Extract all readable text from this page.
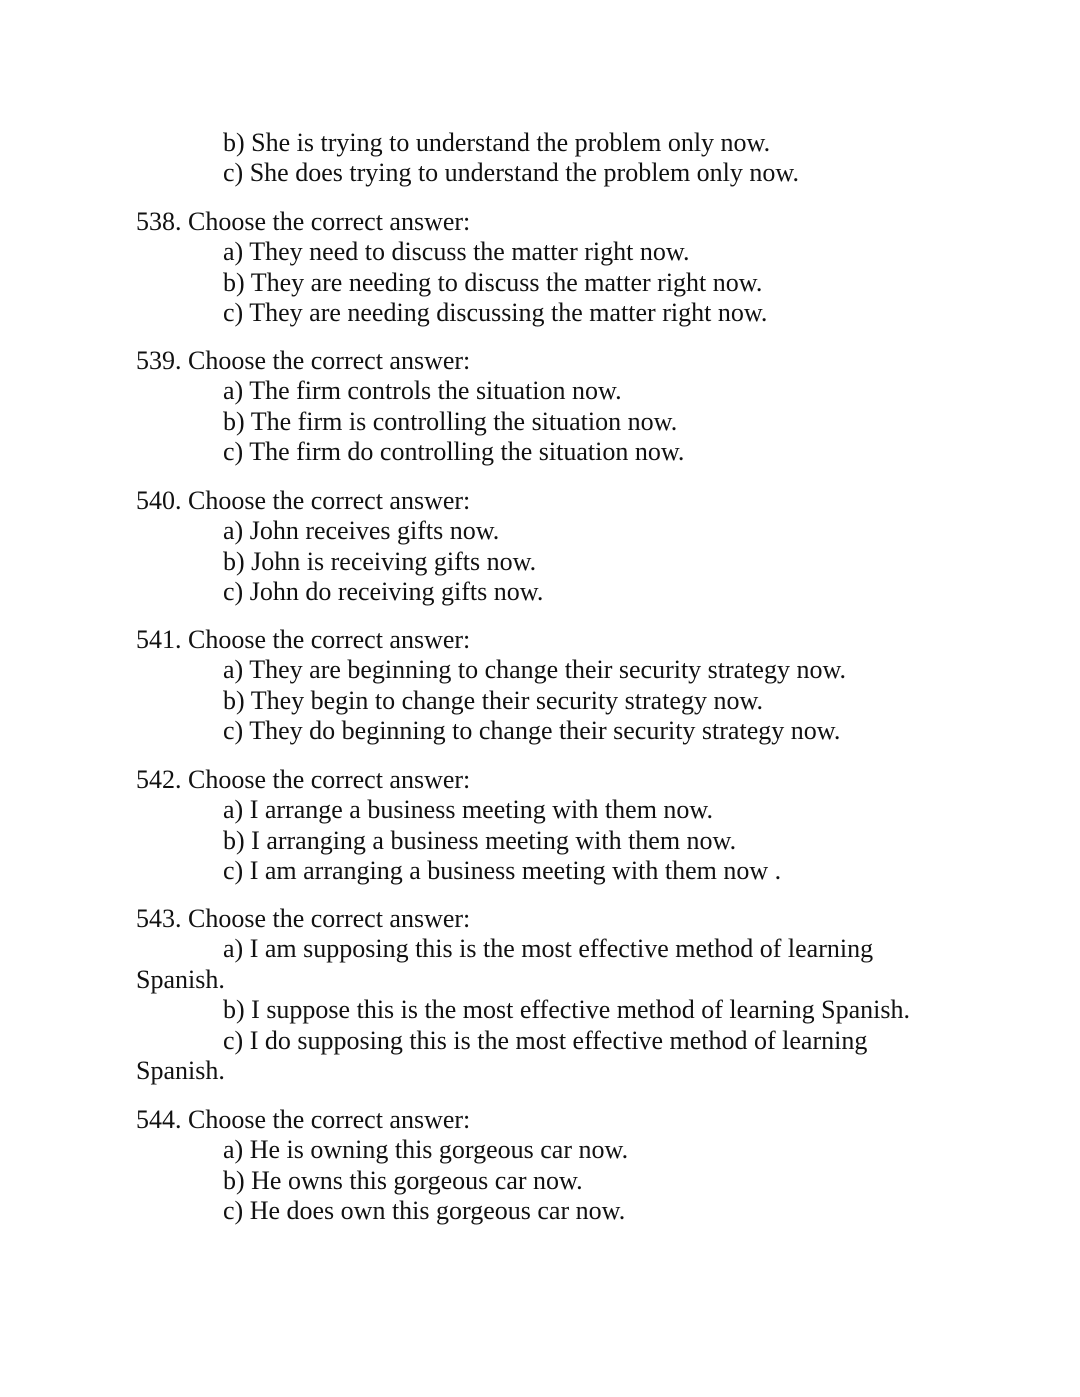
b) She is trying to understand the problem only now.
c) She does trying to understand the problem only now.
538. Choose the correct answer:
a) They need to discuss the matter right now.
b) They are needing to discuss the matter right now.
c) They are needing discussing the matter right now.
539. Choose the correct answer:
a) The firm controls the situation now.
b) The firm is controlling the situation now.
c) The firm do controlling the situation now.
540. Choose the correct answer:
a) John receives gifts now.
b) John is receiving gifts now.
c) John do receiving gifts now.
541. Choose the correct answer:
a) They are beginning to change their security strategy now.
b) They begin to change their security strategy now.
c) They do beginning to change their security strategy now.
542. Choose the correct answer:
a) I arrange a business meeting with them now.
b) I arranging a business meeting with them now.
c) I am arranging a business meeting with them now .
543. Choose the correct answer:
a) I am supposing this is the most effective method of learning
Spanish.
b) I suppose this is the most effective method of learning Spanish.
c) I do supposing this is the most effective method of learning
Spanish.
544. Choose the correct answer:
a) He is owning this gorgeous car now.
b) He owns this gorgeous car now.
c) He does own this gorgeous car now.
